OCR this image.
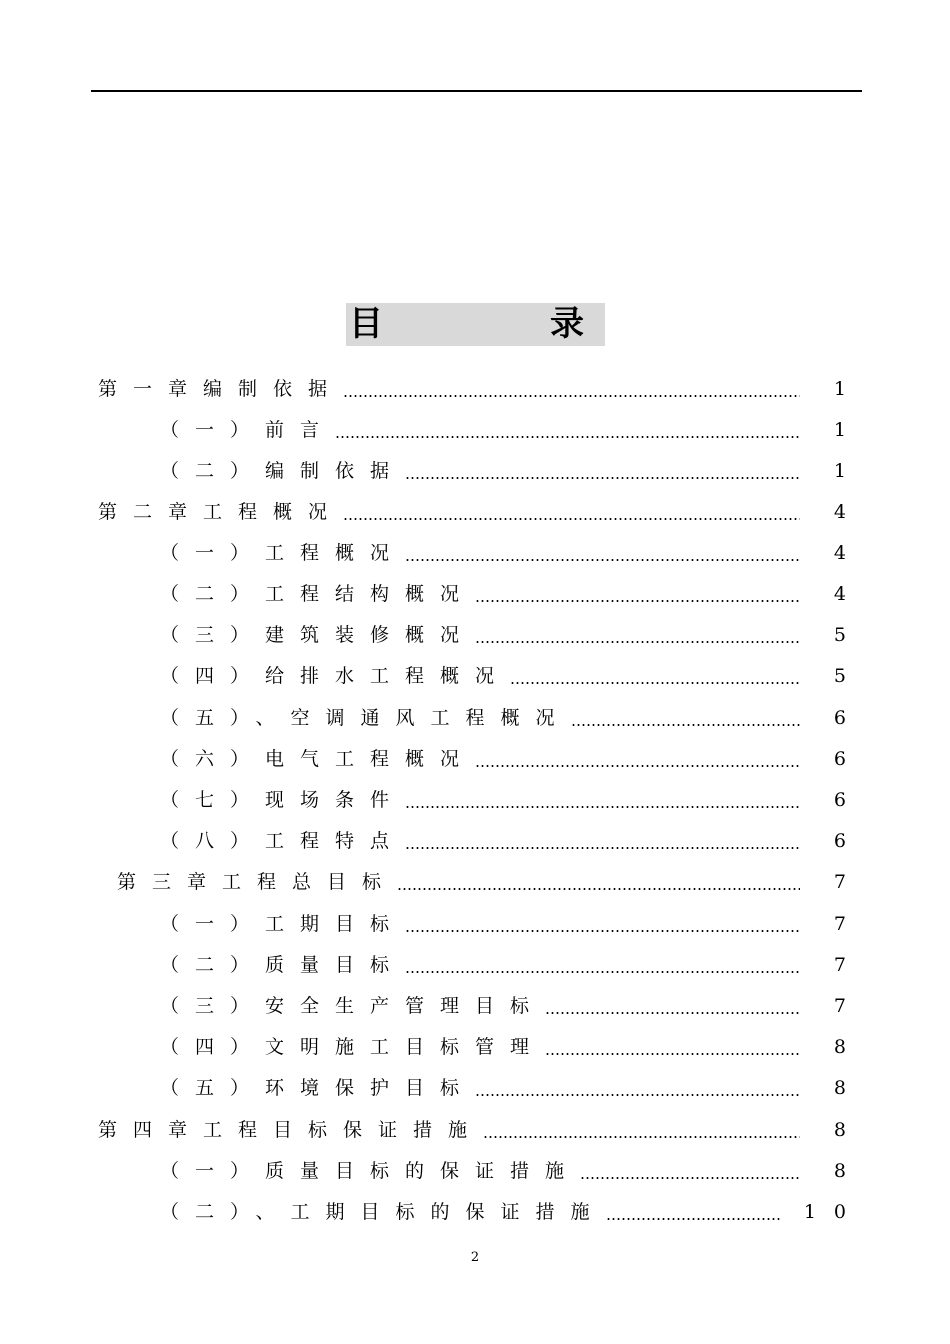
目	录
第一章编制依据	1
（一）前言	1
（二）编制依据	1
第二章工程概况	4
（一）工程概况	4
（二）工程结构概况	4
（三）建筑装修概况	5
（四）给排水工程概况	5
（五）、空调通风工程概况	6
（六）电气工程概况	6
（七）现场条件	6
（八）工程特点	6
第三章工程总目标	7
（一）工期目标	7
（二）质量目标	7
（三）安全生产管理目标	7
（四）文明施工目标管理	8
（五）环境保护目标	8
第四章工程目标保证措施	8
（一）质量目标的保证措施	8
（二）、工期目标的保证措施	10
2
